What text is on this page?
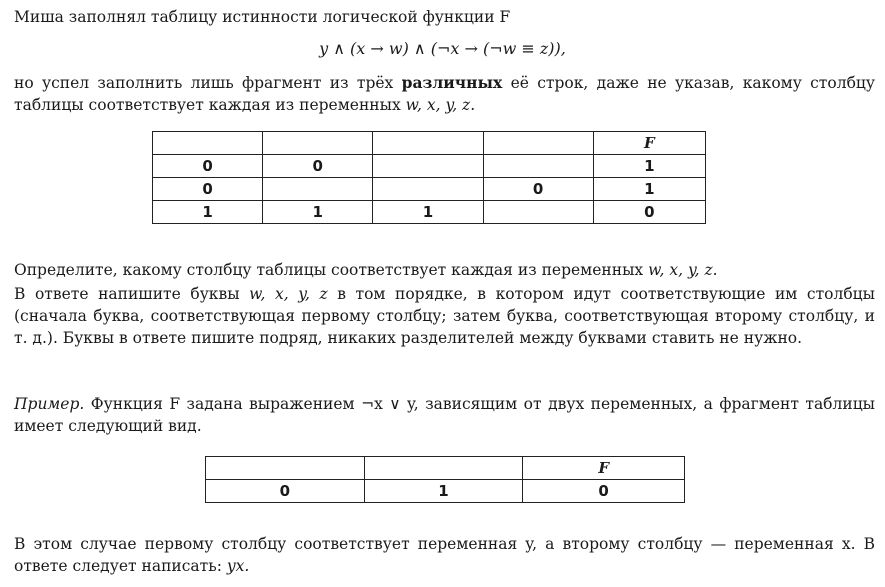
Миша заполнял таблицу истинности логической функции F

y ∧ (x → w) ∧ (¬x → (¬w ≡ z)),

но успел заполнить лишь фрагмент из трёх различных её строк, даже не указав, какому столбцу таблицы соответствует каждая из переменных w, x, y, z.

				F
0	0			1
0			0	1
1	1	1		0

Определите, какому столбцу таблицы соответствует каждая из переменных w, x, y, z.

В ответе напишите буквы w, x, y, z в том порядке, в котором идут соответствующие им столбцы (сначала буква, соответствующая первому столбцу; затем буква, соответствующая второму столбцу, и т. д.). Буквы в ответе пишите подряд, никаких разделителей между буквами ставить не нужно.

Пример. Функция F задана выражением ¬x ∨ y, зависящим от двух переменных, а фрагмент таблицы имеет следующий вид.

		F
0	1	0

В этом случае первому столбцу соответствует переменная y, а второму столбцу — переменная x. В ответе следует написать: yx.
